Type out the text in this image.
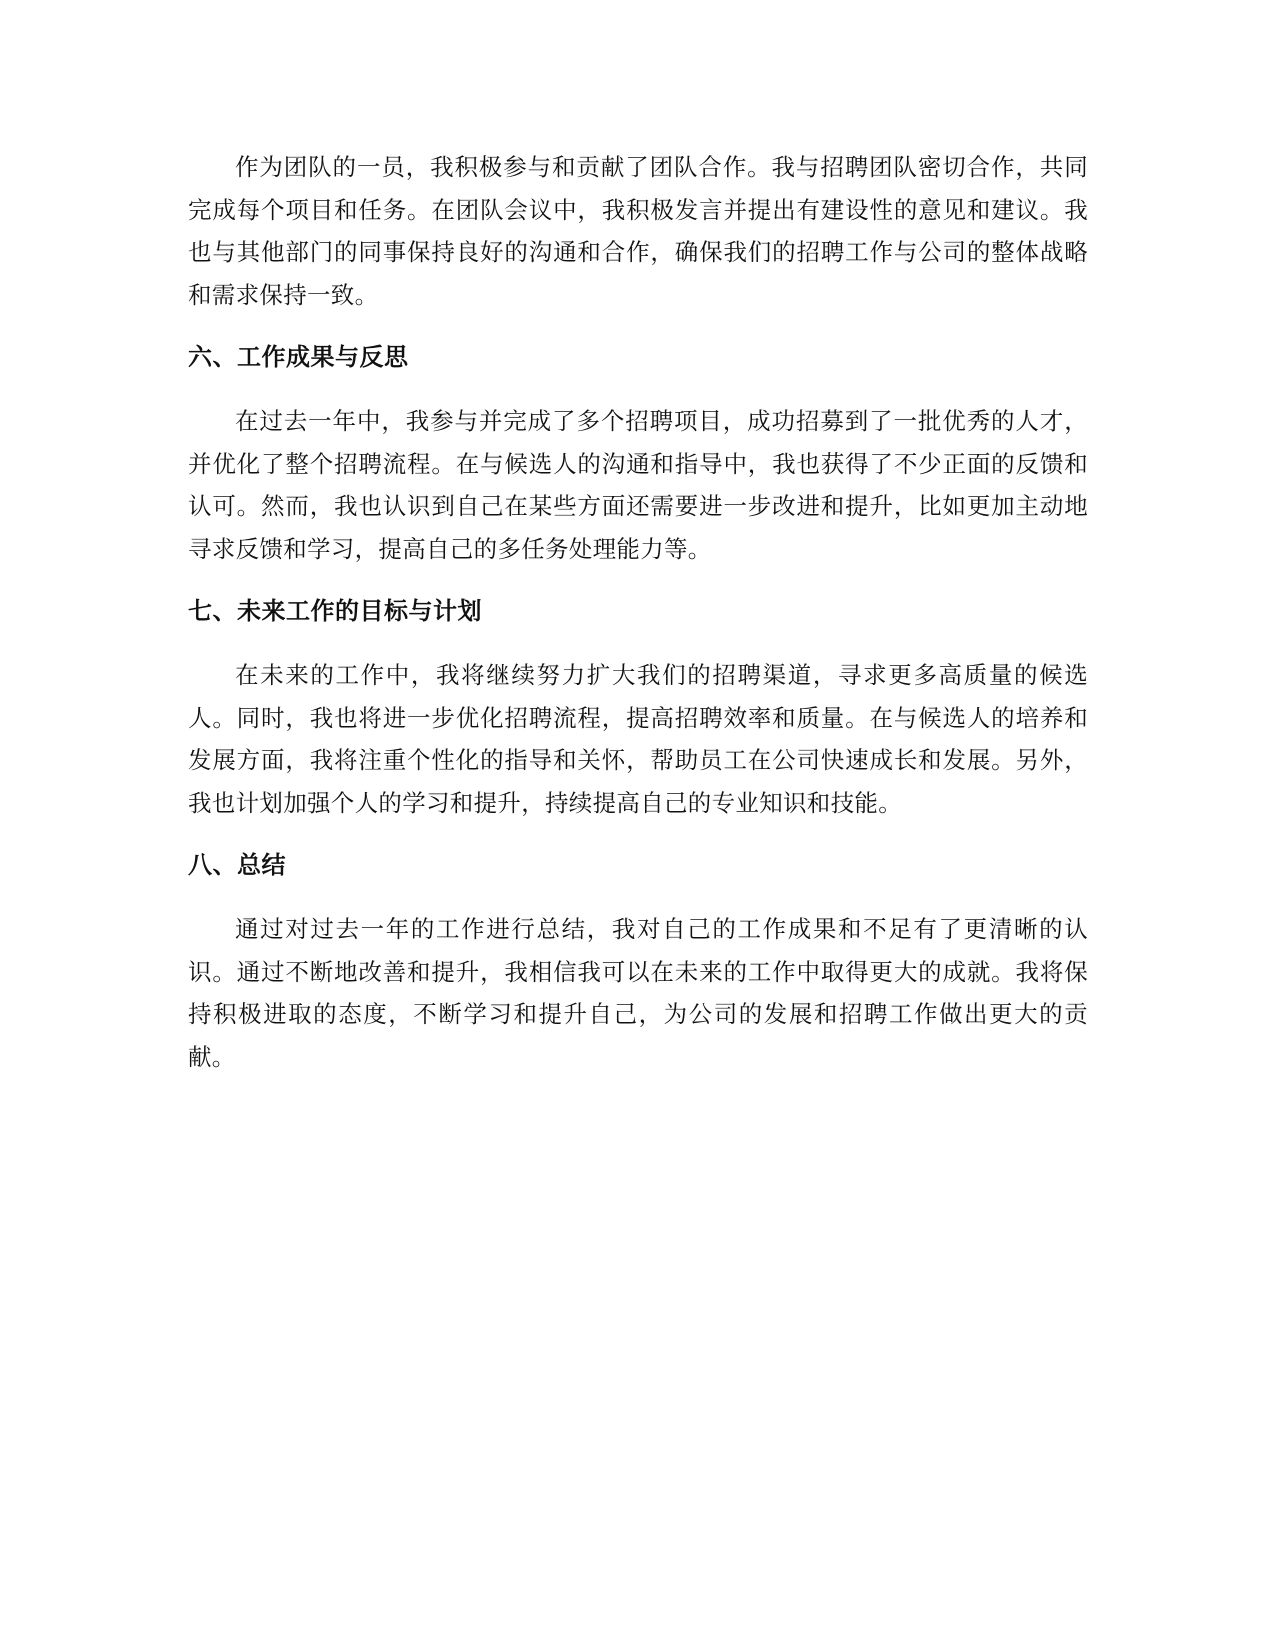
作为团队的一员，我积极参与和贡献了团队合作。我与招聘团队密切合作，共同完成每个项目和任务。在团队会议中，我积极发言并提出有建设性的意见和建议。我也与其他部门的同事保持良好的沟通和合作，确保我们的招聘工作与公司的整体战略和需求保持一致。

六、工作成果与反思

在过去一年中，我参与并完成了多个招聘项目，成功招募到了一批优秀的人才，并优化了整个招聘流程。在与候选人的沟通和指导中，我也获得了不少正面的反馈和认可。然而，我也认识到自己在某些方面还需要进一步改进和提升，比如更加主动地寻求反馈和学习，提高自己的多任务处理能力等。

七、未来工作的目标与计划

在未来的工作中，我将继续努力扩大我们的招聘渠道，寻求更多高质量的候选人。同时，我也将进一步优化招聘流程，提高招聘效率和质量。在与候选人的培养和发展方面，我将注重个性化的指导和关怀，帮助员工在公司快速成长和发展。另外，我也计划加强个人的学习和提升，持续提高自己的专业知识和技能。

八、总结

通过对过去一年的工作进行总结，我对自己的工作成果和不足有了更清晰的认识。通过不断地改善和提升，我相信我可以在未来的工作中取得更大的成就。我将保持积极进取的态度，不断学习和提升自己，为公司的发展和招聘工作做出更大的贡献。
